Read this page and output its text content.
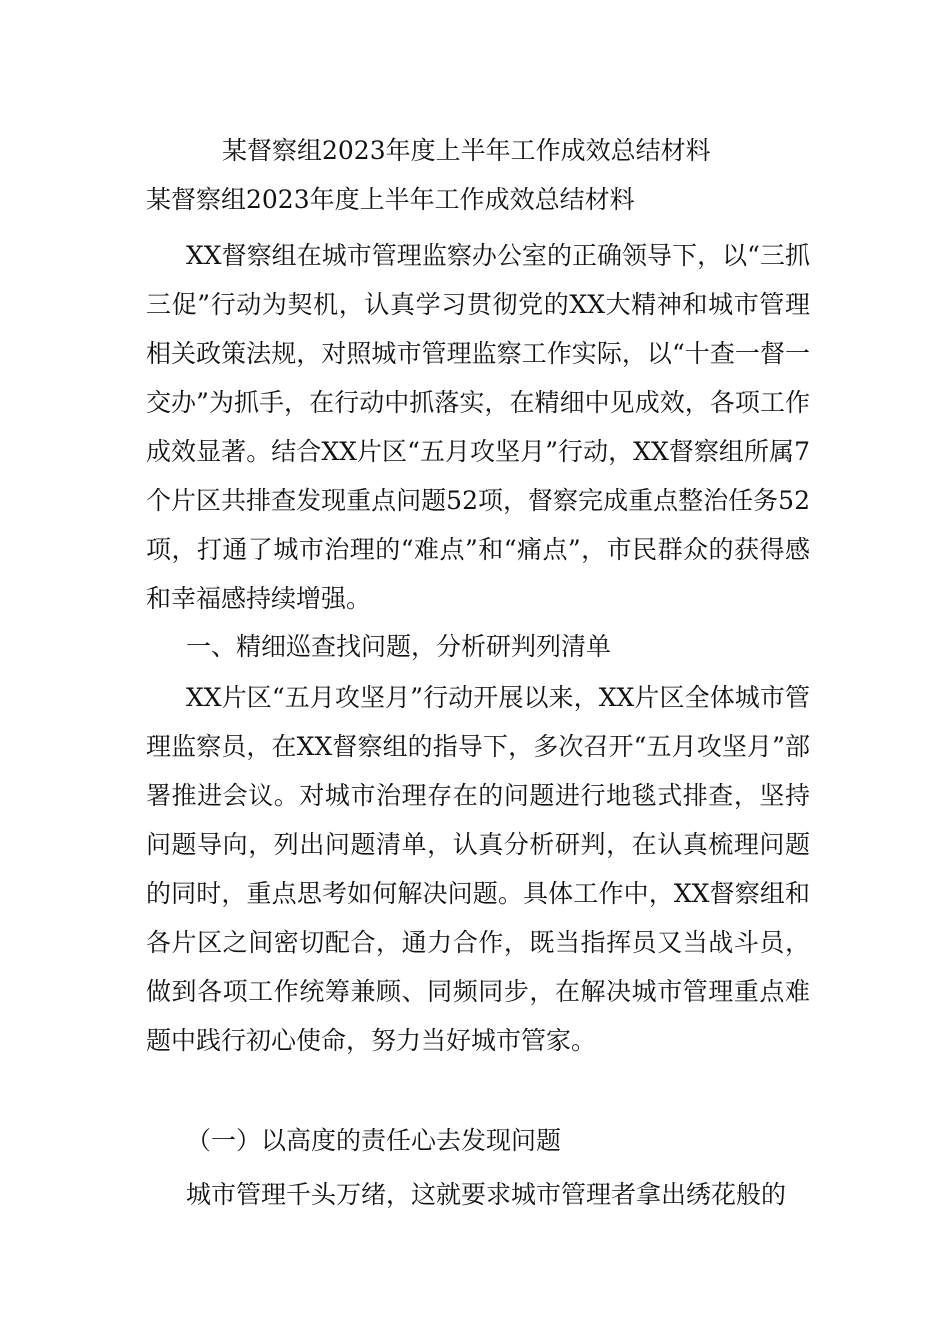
某督察组2023年度上半年工作成效总结材料
某督察组2023年度上半年工作成效总结材料

XX督察组在城市管理监察办公室的正确领导下，以“三抓三促”行动为契机，认真学习贯彻党的XX大精神和城市管理相关政策法规，对照城市管理监察工作实际，以“十查一督一交办”为抓手，在行动中抓落实，在精细中见成效，各项工作成效显著。结合XX片区“五月攻坚月”行动，XX督察组所属7个片区共排查发现重点问题52项，督察完成重点整治任务52项，打通了城市治理的“难点”和“痛点”，市民群众的获得感和幸福感持续增强。

一、精细巡查找问题，分析研判列清单

XX片区“五月攻坚月”行动开展以来，XX片区全体城市管理监察员，在XX督察组的指导下，多次召开“五月攻坚月”部署推进会议。对城市治理存在的问题进行地毯式排查，坚持问题导向，列出问题清单，认真分析研判，在认真梳理问题的同时，重点思考如何解决问题。具体工作中，XX督察组和各片区之间密切配合，通力合作，既当指挥员又当战斗员，做到各项工作统筹兼顾、同频同步，在解决城市管理重点难题中践行初心使命，努力当好城市管家。

（一）以高度的责任心去发现问题

城市管理千头万绪，这就要求城市管理者拿出绣花般的
